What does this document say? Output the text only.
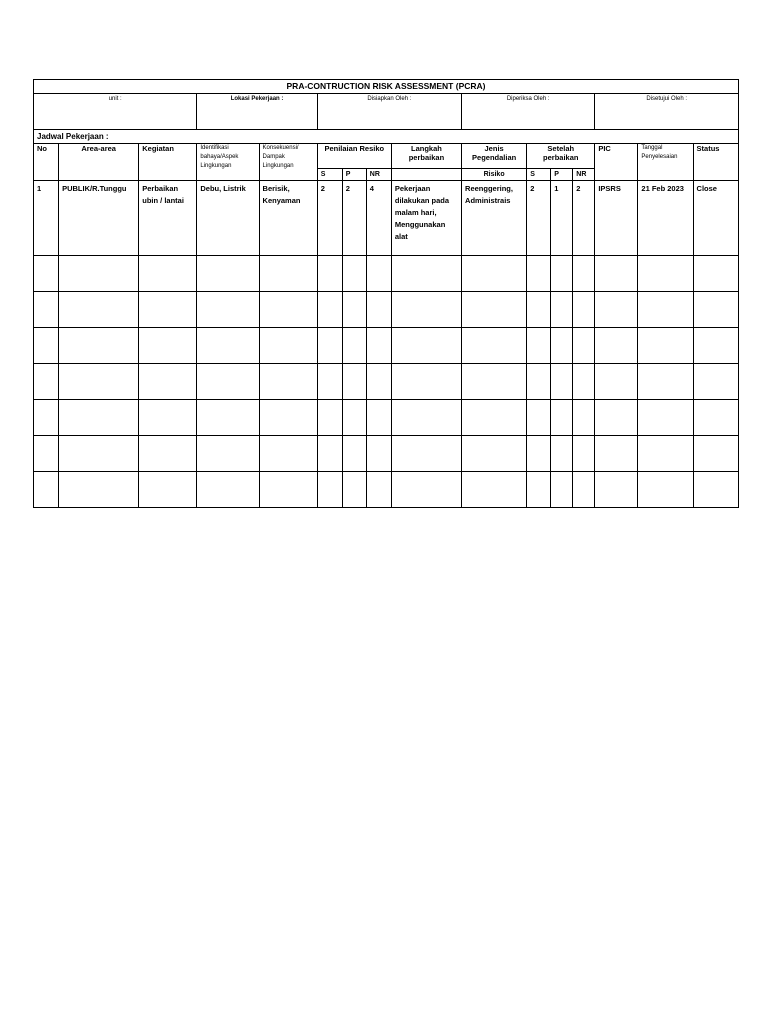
PRA-CONTRUCTION RISK ASSESSMENT (PCRA)															
unit :			Lokasi Pekerjaan :		Disiapkan Oleh :				Diperiksa Oleh :				Disetujui Oleh :		
Jadwal Pekerjaan :															
No	Area-area	Kegiatan	Identifikasi bahaya/Aspek Lingkungan	Konsekuensi/ Dampak Lingkungan	Penilaian Resiko			Langkah perbaikan	Jenis Pegendalian	Setelah perbaikan			PIC	Tanggal Penyelesaian	Status
					S	P	NR		Risiko	S	P	NR			
1	PUBLIK/R.Tunggu	Perbaikan ubin / lantai	Debu, Listrik	Berisik, Kenyaman	2	2	4	Pekerjaan dilakukan pada malam hari, Menggunakan alat	Reenggering, Administrais	2	1	2	IPSRS	21 Feb 2023	Close
